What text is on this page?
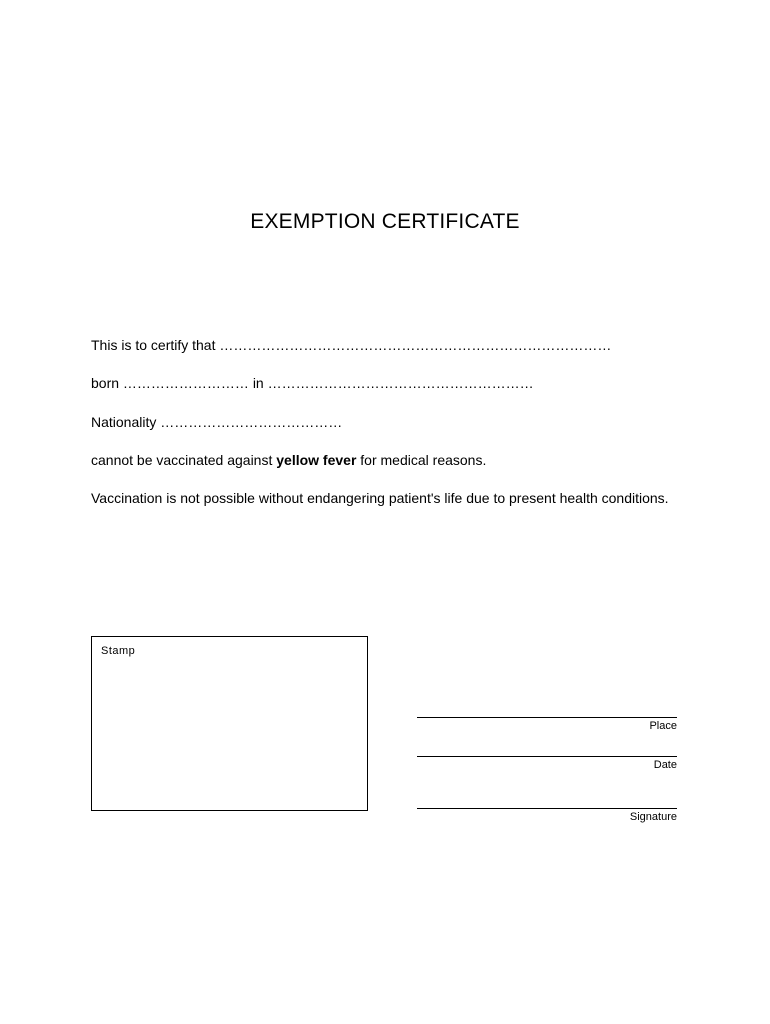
EXEMPTION CERTIFICATE
This is to certify that …………………………………………………………………………
born ……………………… in …………………………………………………
Nationality …………………………………
cannot be vaccinated against yellow fever for medical reasons.
Vaccination is not possible without endangering patient's life due to present health conditions.
Stamp
Place
Date
Signature
